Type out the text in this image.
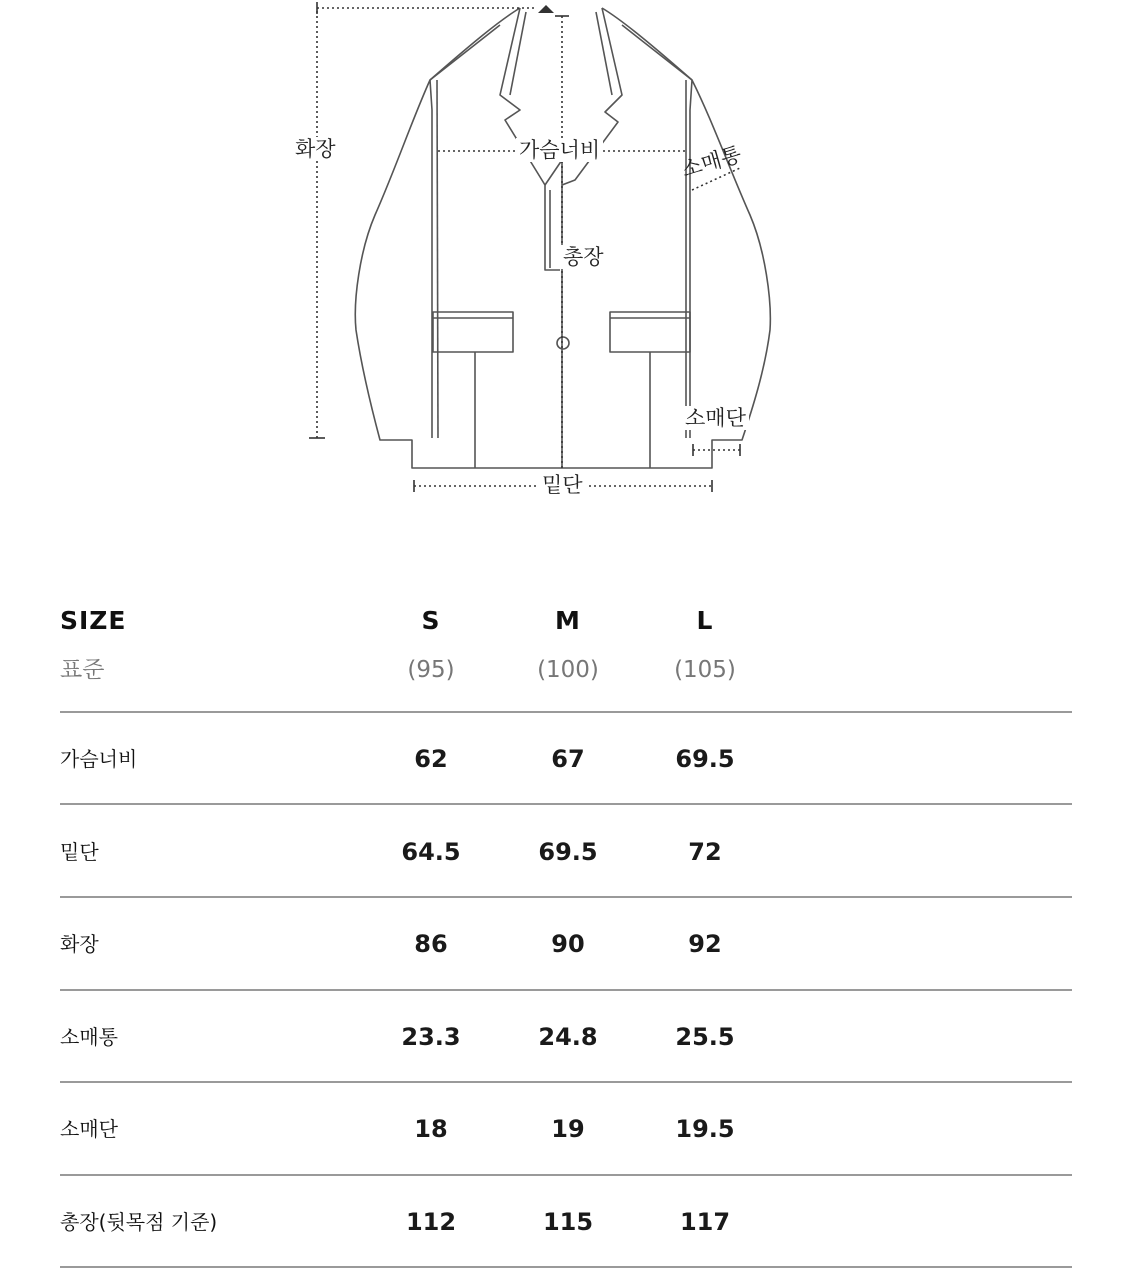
화장	가슴너비	소매통
총장
소매단
밑단
SIZE	S	M	L
표준	(95)	(100)	(105)
가슴너비	62	67	69.5
밑단	64.5	69.5	72
화장	86	90	92
소매통	23.3	24.8	25.5
소매단	18	19	19.5
총장(뒷목점 기준)	112	115	117
